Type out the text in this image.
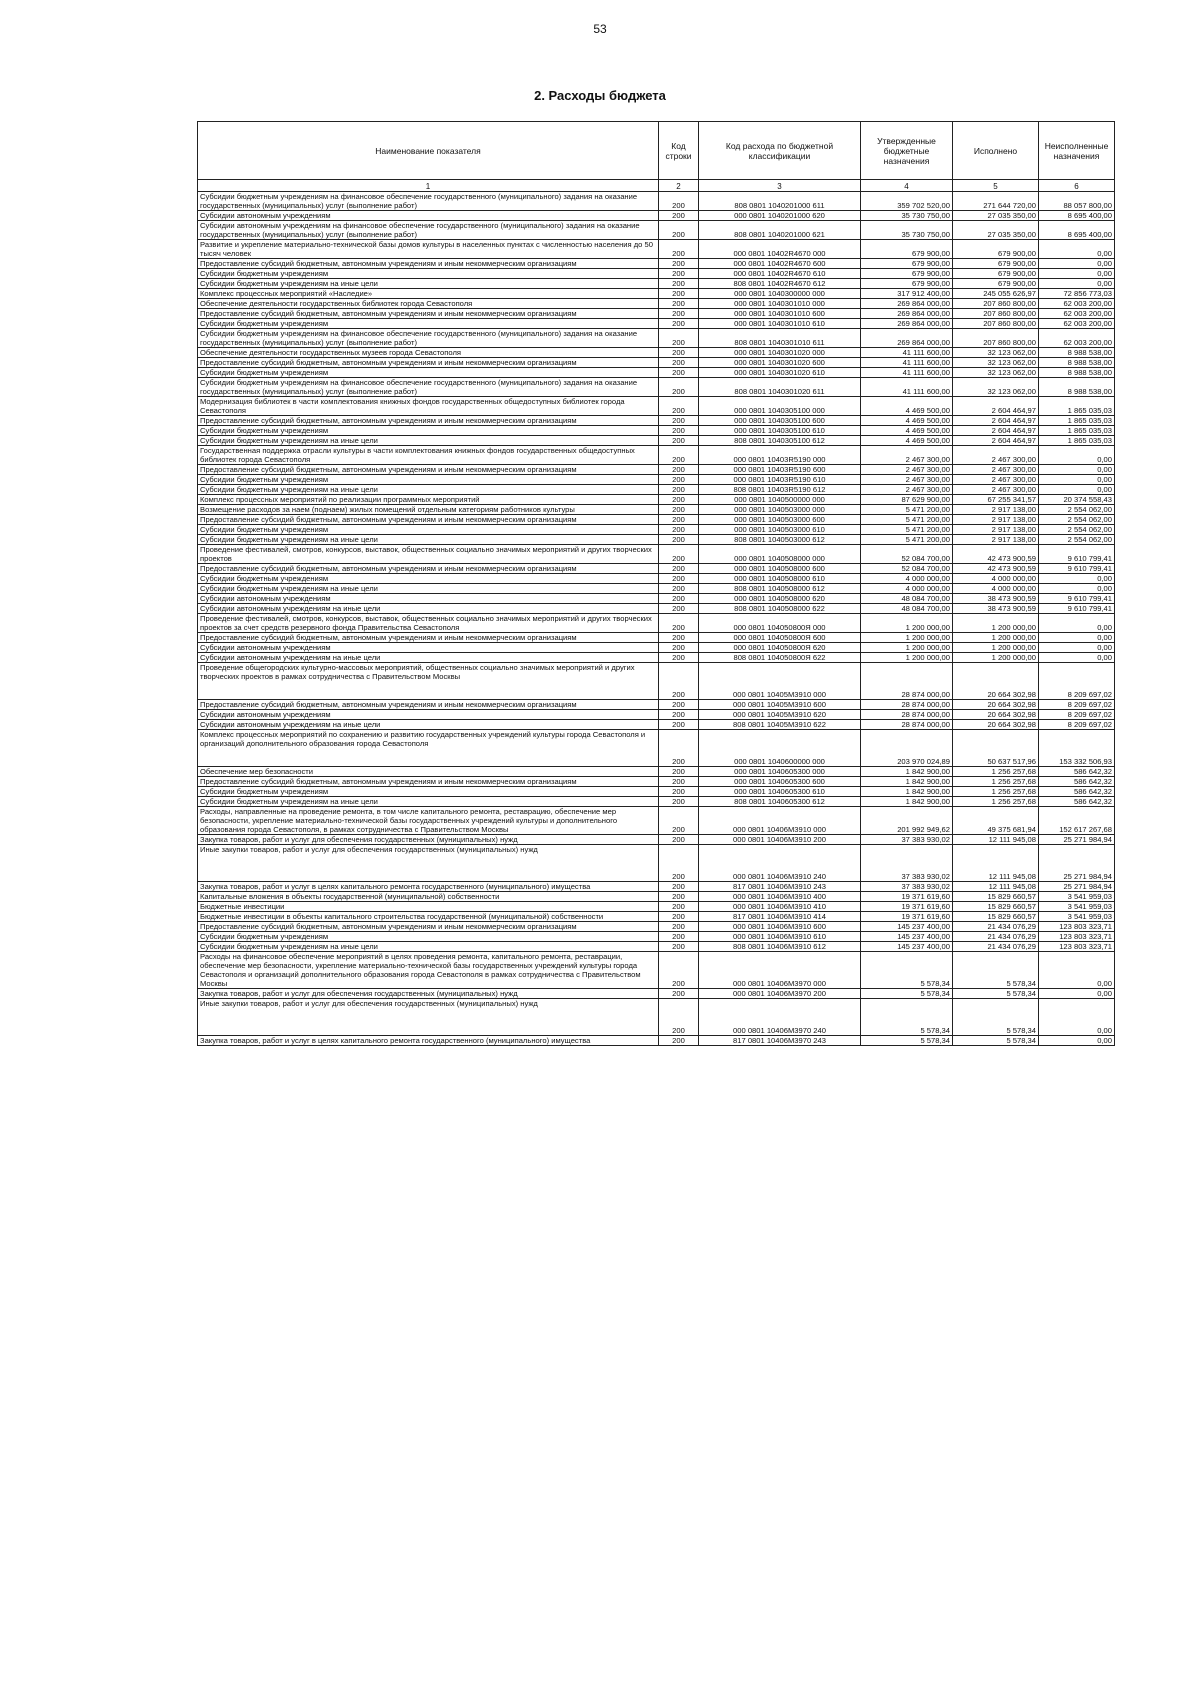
53
2. Расходы бюджета
Наименование показателя	Код строки	Код расхода по бюджетной классификации	Утвержденные бюджетные назначения	Исполнено	Неисполненные назначения
1	2	3	4	5	6
Субсидии бюджетным учреждениям на финансовое обеспечение государственного (муниципального) задания на оказание государственных (муниципальных) услуг (выполнение работ)	200	808 0801 1040201000 611	359 702 520,00	271 644 720,00	88 057 800,00
Субсидии автономным учреждениям	200	000 0801 1040201000 620	35 730 750,00	27 035 350,00	8 695 400,00
Субсидии автономным учреждениям на финансовое обеспечение государственного (муниципального) задания на оказание государственных (муниципальных) услуг (выполнение работ)	200	808 0801 1040201000 621	35 730 750,00	27 035 350,00	8 695 400,00
Развитие и укрепление материально-технической базы домов культуры в населенных пунктах с численностью населения до 50 тысяч человек	200	000 0801 10402R4670 000	679 900,00	679 900,00	0,00
Предоставление субсидий бюджетным, автономным учреждениям и иным некоммерческим организациям	200	000 0801 10402R4670 600	679 900,00	679 900,00	0,00
Субсидии бюджетным учреждениям	200	000 0801 10402R4670 610	679 900,00	679 900,00	0,00
Субсидии бюджетным учреждениям на иные цели	200	808 0801 10402R4670 612	679 900,00	679 900,00	0,00
Комплекс процессных мероприятий «Наследие»	200	000 0801 1040300000 000	317 912 400,00	245 055 626,97	72 856 773,03
Обеспечение деятельности государственных библиотек города Севастополя	200	000 0801 1040301010 000	269 864 000,00	207 860 800,00	62 003 200,00
Предоставление субсидий бюджетным, автономным учреждениям и иным некоммерческим организациям	200	000 0801 1040301010 600	269 864 000,00	207 860 800,00	62 003 200,00
Субсидии бюджетным учреждениям	200	000 0801 1040301010 610	269 864 000,00	207 860 800,00	62 003 200,00
Субсидии бюджетным учреждениям на финансовое обеспечение государственного (муниципального) задания на оказание государственных (муниципальных) услуг (выполнение работ)	200	808 0801 1040301010 611	269 864 000,00	207 860 800,00	62 003 200,00
Обеспечение деятельности государственных музеев города Севастополя	200	000 0801 1040301020 000	41 111 600,00	32 123 062,00	8 988 538,00
Предоставление субсидий бюджетным, автономным учреждениям и иным некоммерческим организациям	200	000 0801 1040301020 600	41 111 600,00	32 123 062,00	8 988 538,00
Субсидии бюджетным учреждениям	200	000 0801 1040301020 610	41 111 600,00	32 123 062,00	8 988 538,00
Субсидии бюджетным учреждениям на финансовое обеспечение государственного (муниципального) задания на оказание государственных (муниципальных) услуг (выполнение работ)	200	808 0801 1040301020 611	41 111 600,00	32 123 062,00	8 988 538,00
Модернизация библиотек в части комплектования книжных фондов государственных общедоступных библиотек города Севастополя	200	000 0801 1040305100 000	4 469 500,00	2 604 464,97	1 865 035,03
Предоставление субсидий бюджетным, автономным учреждениям и иным некоммерческим организациям	200	000 0801 1040305100 600	4 469 500,00	2 604 464,97	1 865 035,03
Субсидии бюджетным учреждениям	200	000 0801 1040305100 610	4 469 500,00	2 604 464,97	1 865 035,03
Субсидии бюджетным учреждениям на иные цели	200	808 0801 1040305100 612	4 469 500,00	2 604 464,97	1 865 035,03
Государственная поддержка отрасли культуры в части комплектования книжных фондов государственных общедоступных библиотек города Севастополя	200	000 0801 10403R5190 000	2 467 300,00	2 467 300,00	0,00
Предоставление субсидий бюджетным, автономным учреждениям и иным некоммерческим организациям	200	000 0801 10403R5190 600	2 467 300,00	2 467 300,00	0,00
Субсидии бюджетным учреждениям	200	000 0801 10403R5190 610	2 467 300,00	2 467 300,00	0,00
Субсидии бюджетным учреждениям на иные цели	200	808 0801 10403R5190 612	2 467 300,00	2 467 300,00	0,00
Комплекс процессных мероприятий по реализации программных мероприятий	200	000 0801 1040500000 000	87 629 900,00	67 255 341,57	20 374 558,43
Возмещение расходов за наем (поднаем) жилых помещений отдельным категориям работников культуры	200	000 0801 1040503000 000	5 471 200,00	2 917 138,00	2 554 062,00
Предоставление субсидий бюджетным, автономным учреждениям и иным некоммерческим организациям	200	000 0801 1040503000 600	5 471 200,00	2 917 138,00	2 554 062,00
Субсидии бюджетным учреждениям	200	000 0801 1040503000 610	5 471 200,00	2 917 138,00	2 554 062,00
Субсидии бюджетным учреждениям на иные цели	200	808 0801 1040503000 612	5 471 200,00	2 917 138,00	2 554 062,00
Проведение фестивалей, смотров, конкурсов, выставок, общественных социально значимых мероприятий и других творческих проектов	200	000 0801 1040508000 000	52 084 700,00	42 473 900,59	9 610 799,41
Предоставление субсидий бюджетным, автономным учреждениям и иным некоммерческим организациям	200	000 0801 1040508000 600	52 084 700,00	42 473 900,59	9 610 799,41
Субсидии бюджетным учреждениям	200	000 0801 1040508000 610	4 000 000,00	4 000 000,00	0,00
Субсидии бюджетным учреждениям на иные цели	200	808 0801 1040508000 612	4 000 000,00	4 000 000,00	0,00
Субсидии автономным учреждениям	200	000 0801 1040508000 620	48 084 700,00	38 473 900,59	9 610 799,41
Субсидии автономным учреждениям на иные цели	200	808 0801 1040508000 622	48 084 700,00	38 473 900,59	9 610 799,41
Проведение фестивалей, смотров, конкурсов, выставок, общественных социально значимых мероприятий и других творческих проектов за счет средств резервного фонда Правительства Севастополя	200	000 0801 104050800Я 000	1 200 000,00	1 200 000,00	0,00
Предоставление субсидий бюджетным, автономным учреждениям и иным некоммерческим организациям	200	000 0801 104050800Я 600	1 200 000,00	1 200 000,00	0,00
Субсидии автономным учреждениям	200	000 0801 104050800Я 620	1 200 000,00	1 200 000,00	0,00
Субсидии автономным учреждениям на иные цели	200	808 0801 104050800Я 622	1 200 000,00	1 200 000,00	0,00
Проведение общегородских культурно-массовых мероприятий, общественных социально значимых мероприятий и других творческих проектов в рамках сотрудничества с Правительством Москвы	200	000 0801 10405M3910 000	28 874 000,00	20 664 302,98	8 209 697,02
Предоставление субсидий бюджетным, автономным учреждениям и иным некоммерческим организациям	200	000 0801 10405M3910 600	28 874 000,00	20 664 302,98	8 209 697,02
Субсидии автономным учреждениям	200	000 0801 10405M3910 620	28 874 000,00	20 664 302,98	8 209 697,02
Субсидии автономным учреждениям на иные цели	200	808 0801 10405M3910 622	28 874 000,00	20 664 302,98	8 209 697,02
Комплекс процессных мероприятий по сохранению и развитию государственных учреждений культуры города Севастополя и организаций дополнительного образования города Севастополя	200	000 0801 1040600000 000	203 970 024,89	50 637 517,96	153 332 506,93
Обеспечение мер безопасности	200	000 0801 1040605300 000	1 842 900,00	1 256 257,68	586 642,32
Предоставление субсидий бюджетным, автономным учреждениям и иным некоммерческим организациям	200	000 0801 1040605300 600	1 842 900,00	1 256 257,68	586 642,32
Субсидии бюджетным учреждениям	200	000 0801 1040605300 610	1 842 900,00	1 256 257,68	586 642,32
Субсидии бюджетным учреждениям на иные цели	200	808 0801 1040605300 612	1 842 900,00	1 256 257,68	586 642,32
Расходы, направленные на проведение ремонта, в том числе капитального ремонта, реставрацию, обеспечение мер безопасности, укрепление материально-технической базы государственных учреждений культуры и дополнительного образования города Севастополя, в рамках сотрудничества с Правительством Москвы	200	000 0801 10406M3910 000	201 992 949,62	49 375 681,94	152 617 267,68
Закупка товаров, работ и услуг для обеспечения государственных (муниципальных) нужд	200	000 0801 10406M3910 200	37 383 930,02	12 111 945,08	25 271 984,94
Иные закупки товаров, работ и услуг для обеспечения государственных (муниципальных) нужд	200	000 0801 10406M3910 240	37 383 930,02	12 111 945,08	25 271 984,94
Закупка товаров, работ и услуг в целях капитального ремонта государственного (муниципального) имущества	200	817 0801 10406M3910 243	37 383 930,02	12 111 945,08	25 271 984,94
Капитальные вложения в объекты государственной (муниципальной) собственности	200	000 0801 10406M3910 400	19 371 619,60	15 829 660,57	3 541 959,03
Бюджетные инвестиции	200	000 0801 10406M3910 410	19 371 619,60	15 829 660,57	3 541 959,03
Бюджетные инвестиции в объекты капитального строительства государственной (муниципальной) собственности	200	817 0801 10406M3910 414	19 371 619,60	15 829 660,57	3 541 959,03
Предоставление субсидий бюджетным, автономным учреждениям и иным некоммерческим организациям	200	000 0801 10406M3910 600	145 237 400,00	21 434 076,29	123 803 323,71
Субсидии бюджетным учреждениям	200	000 0801 10406M3910 610	145 237 400,00	21 434 076,29	123 803 323,71
Субсидии бюджетным учреждениям на иные цели	200	808 0801 10406M3910 612	145 237 400,00	21 434 076,29	123 803 323,71
Расходы на финансовое обеспечение мероприятий в целях проведения ремонта, капитального ремонта, реставрации, обеспечение мер безопасности, укрепление материально-технической базы государственных учреждений культуры города Севастополя и организаций дополнительного образования города Севастополя в рамках сотрудничества с Правительством Москвы	200	000 0801 10406M3970 000	5 578,34	5 578,34	0,00
Закупка товаров, работ и услуг для обеспечения государственных (муниципальных) нужд	200	000 0801 10406M3970 200	5 578,34	5 578,34	0,00
Иные закупки товаров, работ и услуг для обеспечения государственных (муниципальных) нужд	200	000 0801 10406M3970 240	5 578,34	5 578,34	0,00
Закупка товаров, работ и услуг в целях капитального ремонта государственного (муниципального) имущества	200	817 0801 10406M3970 243	5 578,34	5 578,34	0,00
